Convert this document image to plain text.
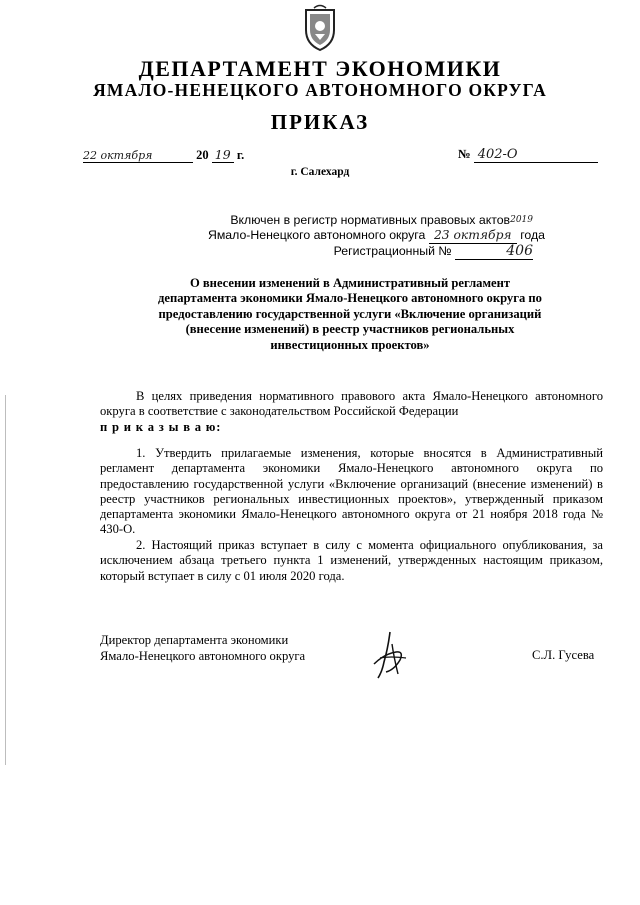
ДЕПАРТАМЕНТ ЭКОНОМИКИ
ЯМАЛО-НЕНЕЦКОГО АВТОНОМНОГО ОКРУГА
ПРИКАЗ
22 октября	20 19 г.	№ 402-О
г. Салехард
Включен в регистр нормативных правовых актов$^{2019}$
Ямало-Ненецкого автономного округа 23 октября года
Регистрационный №	406
О внесении изменений в Административный регламент
департамента экономики Ямало-Ненецкого автономного округа по
предоставлению государственной услуги «Включение организаций
(внесение изменений) в реестр участников региональных
инвестиционных проектов»
В целях приведения нормативного правового акта Ямало-Ненецкого автономного округа в соответствие с законодательством Российской Федерации
п р и к а з ы в а ю:
1. Утвердить прилагаемые изменения, которые вносятся в Административный регламент департамента экономики Ямало-Ненецкого автономного округа по предоставлению государственной услуги «Включение организаций (внесение изменений) в реестр участников региональных инвестиционных проектов», утвержденный приказом департамента экономики Ямало-Ненецкого автономного округа от 21 ноября 2018 года № 430-О.
2. Настоящий приказ вступает в силу с момента официального опубликования, за исключением абзаца третьего пункта 1 изменений, утвержденных настоящим приказом, который вступает в силу с 01 июля 2020 года.
Директор департамента экономики
Ямало-Ненецкого автономного округа	С.Л. Гусева
